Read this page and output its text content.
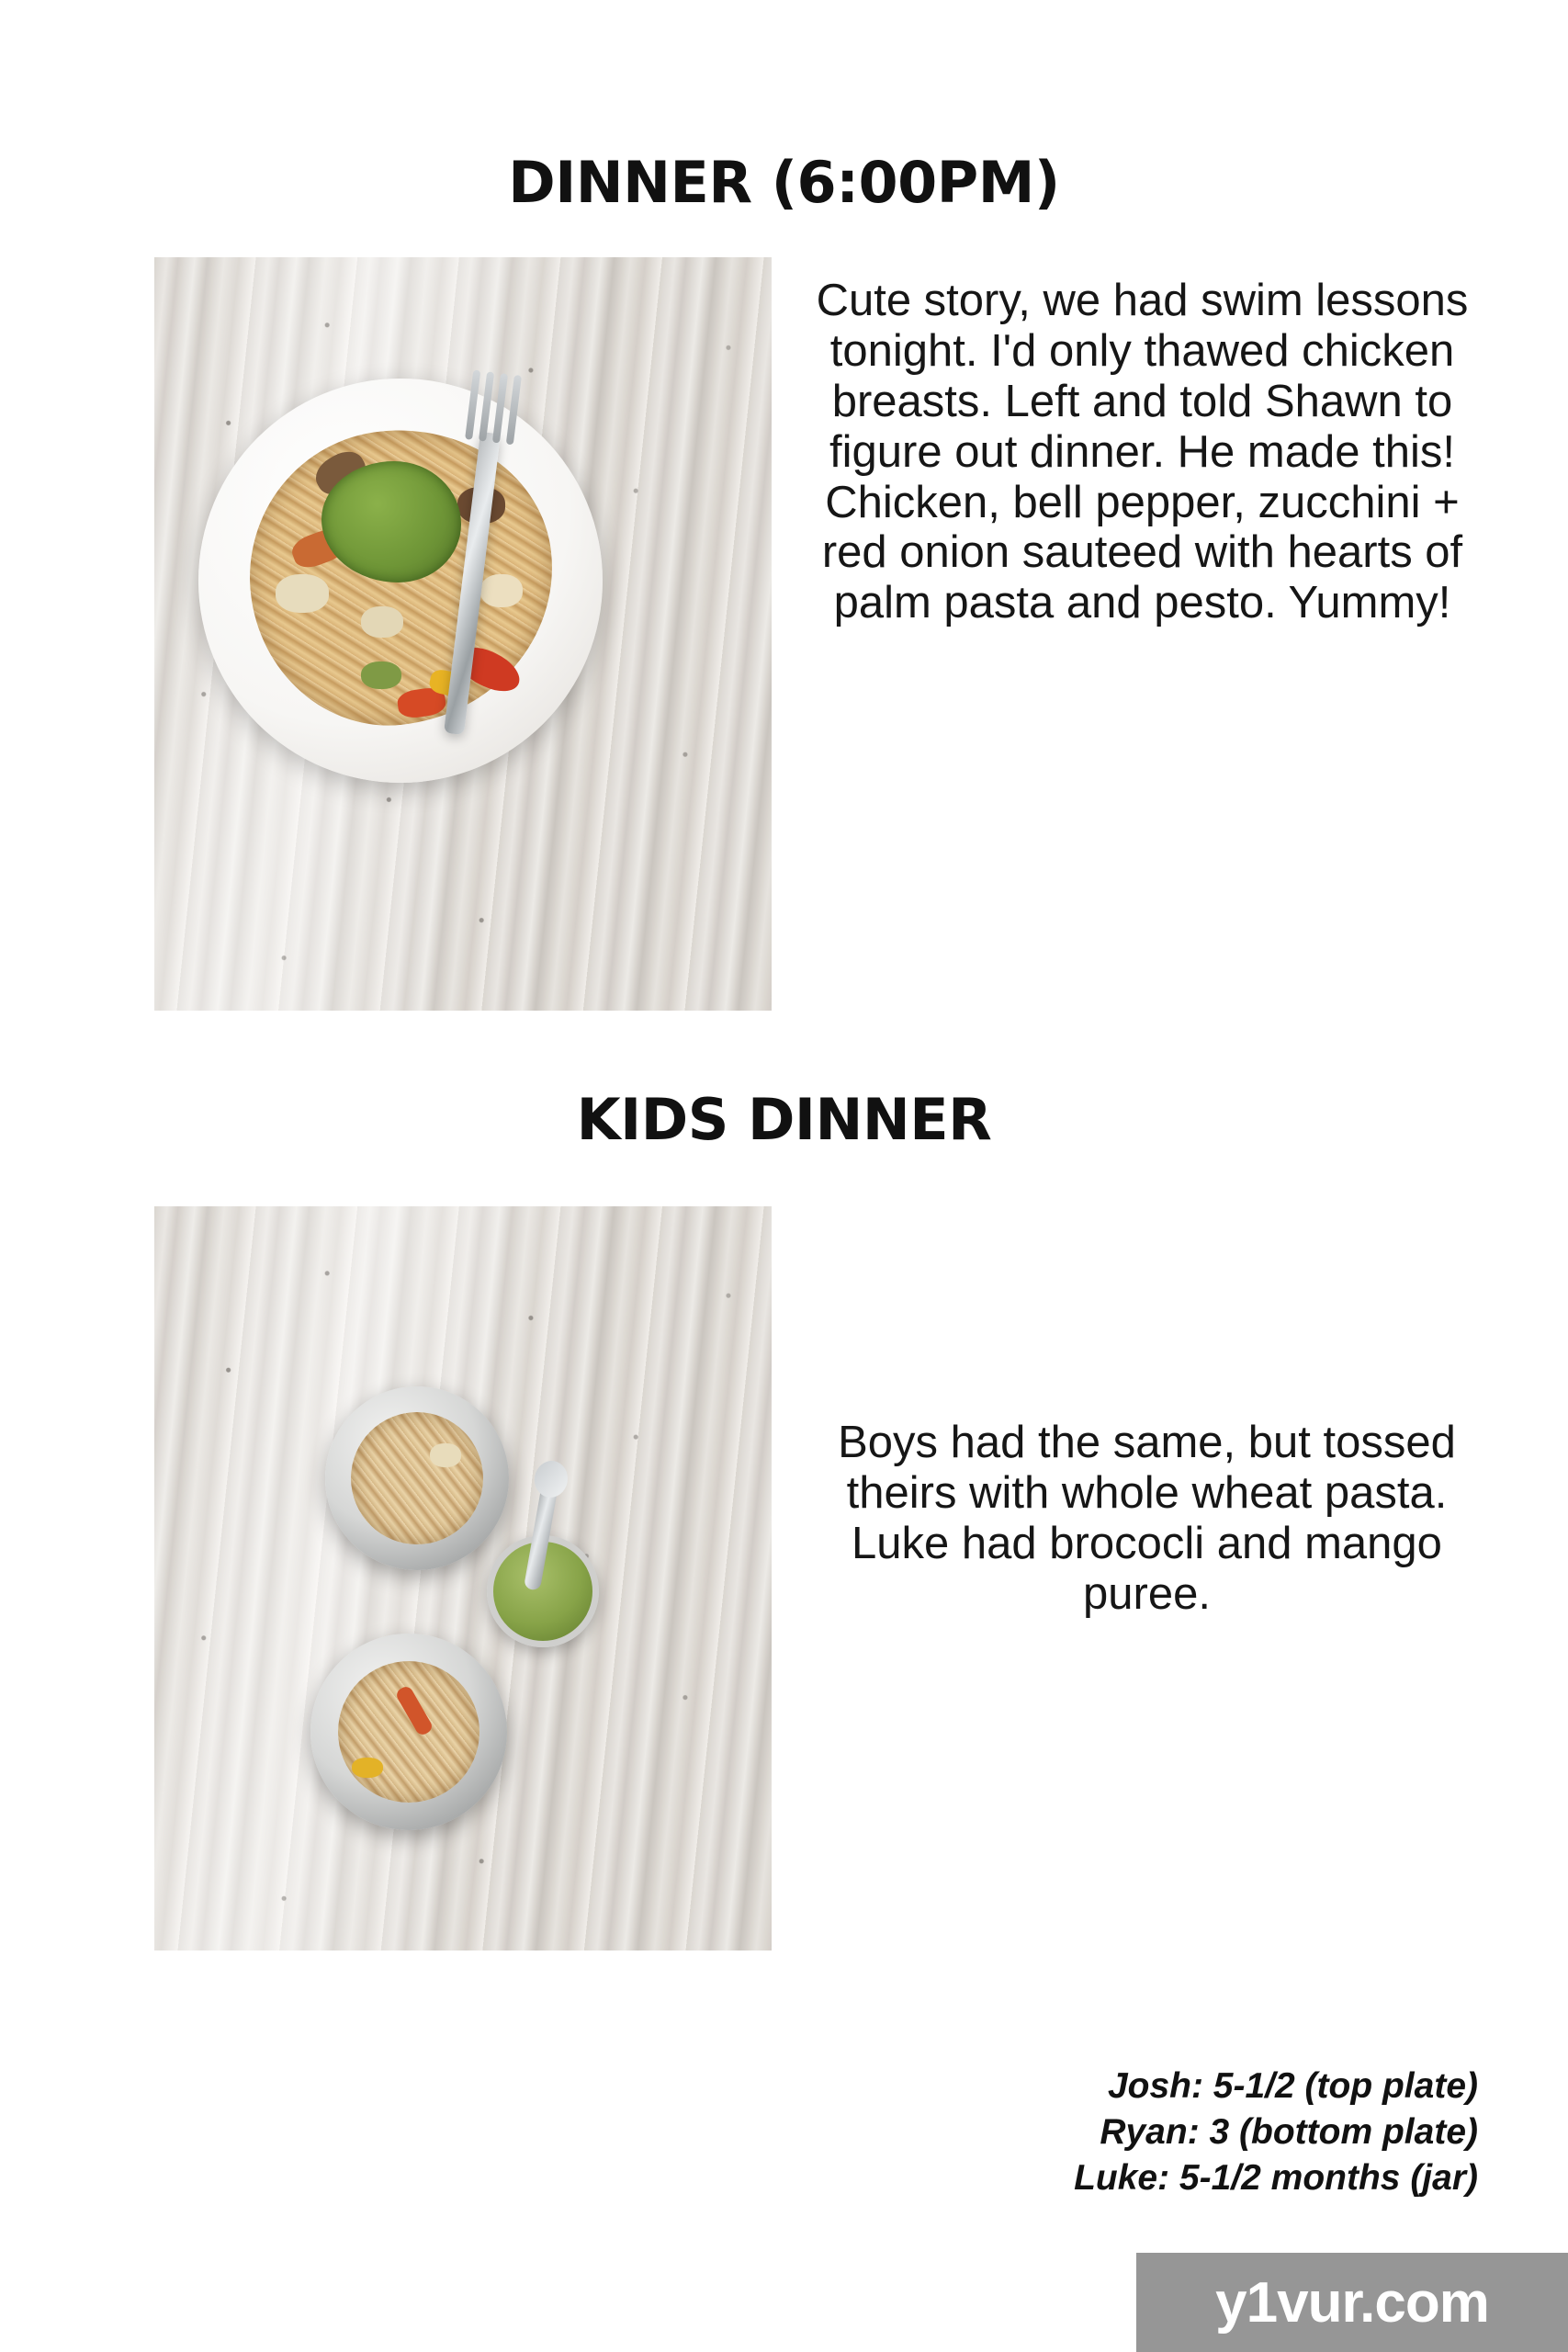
DINNER (6:00PM)
Cute story, we had swim lessons tonight. I'd only thawed chicken breasts. Left and told Shawn to figure out dinner. He made this! Chicken, bell pepper, zucchini + red onion sauteed with hearts of palm pasta and pesto. Yummy!
KIDS DINNER
Boys had the same, but tossed theirs with whole wheat pasta. Luke had brococli and mango puree.
Josh: 5-1/2 (top plate)
Ryan: 3 (bottom plate)
Luke: 5-1/2 months (jar)
y1vur.com
